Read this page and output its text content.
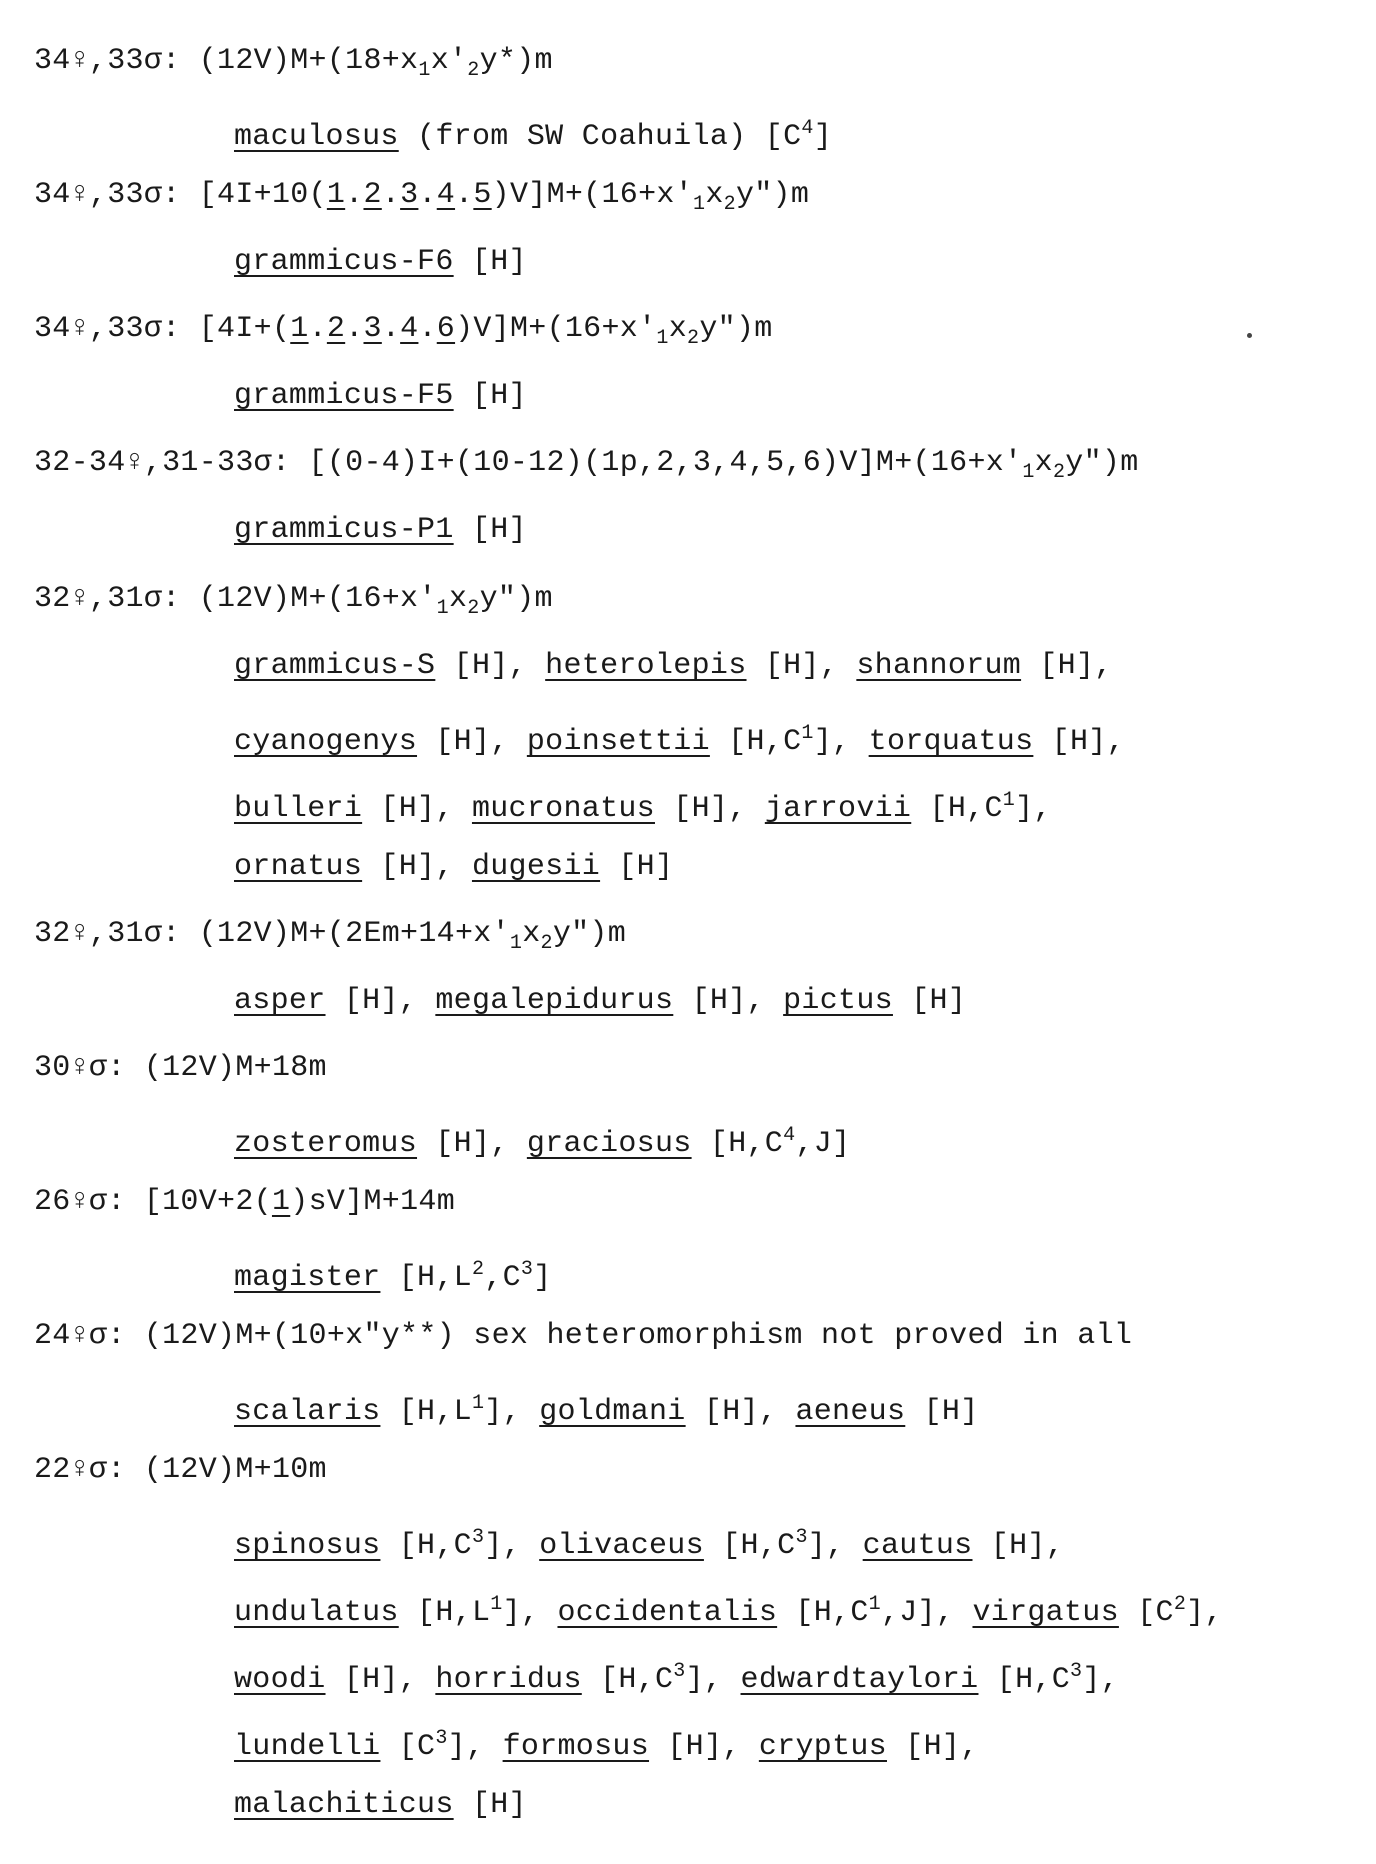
34♀,33σ: $(12V)M+(18+x_1x'_2y*)m$
maculosus (from SW Coahuila) $[C^4]$
34♀,33σ: $[4I+10(1.2.3.4.5)V]M+(16+x'_1x_2y")m$
grammicus-F6 [H]
34♀,33σ: $[4I+(1.2.3.4.6)V]M+(16+x'_1x_2y")m$
grammicus-F5 [H]
32-34♀,31-33σ: $[(0-4)I+(10-12)(1p,2,3,4,5,6)V]M+(16+x'_1x_2y")m$
grammicus-P1 [H]
32♀,31σ: $(12V)M+(16+x'_1x_2y")m$
grammicus-S [H], heterolepis [H], shannorum [H],
cyanogenys [H], poinsettii $[H,C^1]$, torquatus [H],
bulleri [H], mucronatus [H], jarrovii $[H,C^1]$,
ornatus [H], dugesii [H]
32♀,31σ: $(12V)M+(2Em+14+x'_1x_2y")m$
asper [H], megalepidurus [H], pictus [H]
30♀σ: (12V)M+18m
zosteromus [H], graciosus $[H,C^4,J]$
26♀σ: [10V+2(1)sV]M+14m
magister $[H,L^2,C^3]$
24♀σ: (12V)M+(10+x"y**) sex heteromorphism not proved in all
scalaris $[H,L^1]$, goldmani [H], aeneus [H]
22♀σ: (12V)M+10m
spinosus $[H,C^3]$, olivaceus $[H,C^3]$, cautus [H],
undulatus $[H,L^1]$, occidentalis $[H,C^1,J]$, virgatus $[C^2]$,
woodi [H], horridus $[H,C^3]$, edwardtaylori $[H,C^3]$,
lundelli $[C^3]$, formosus [H], cryptus [H],
malachiticus [H]
